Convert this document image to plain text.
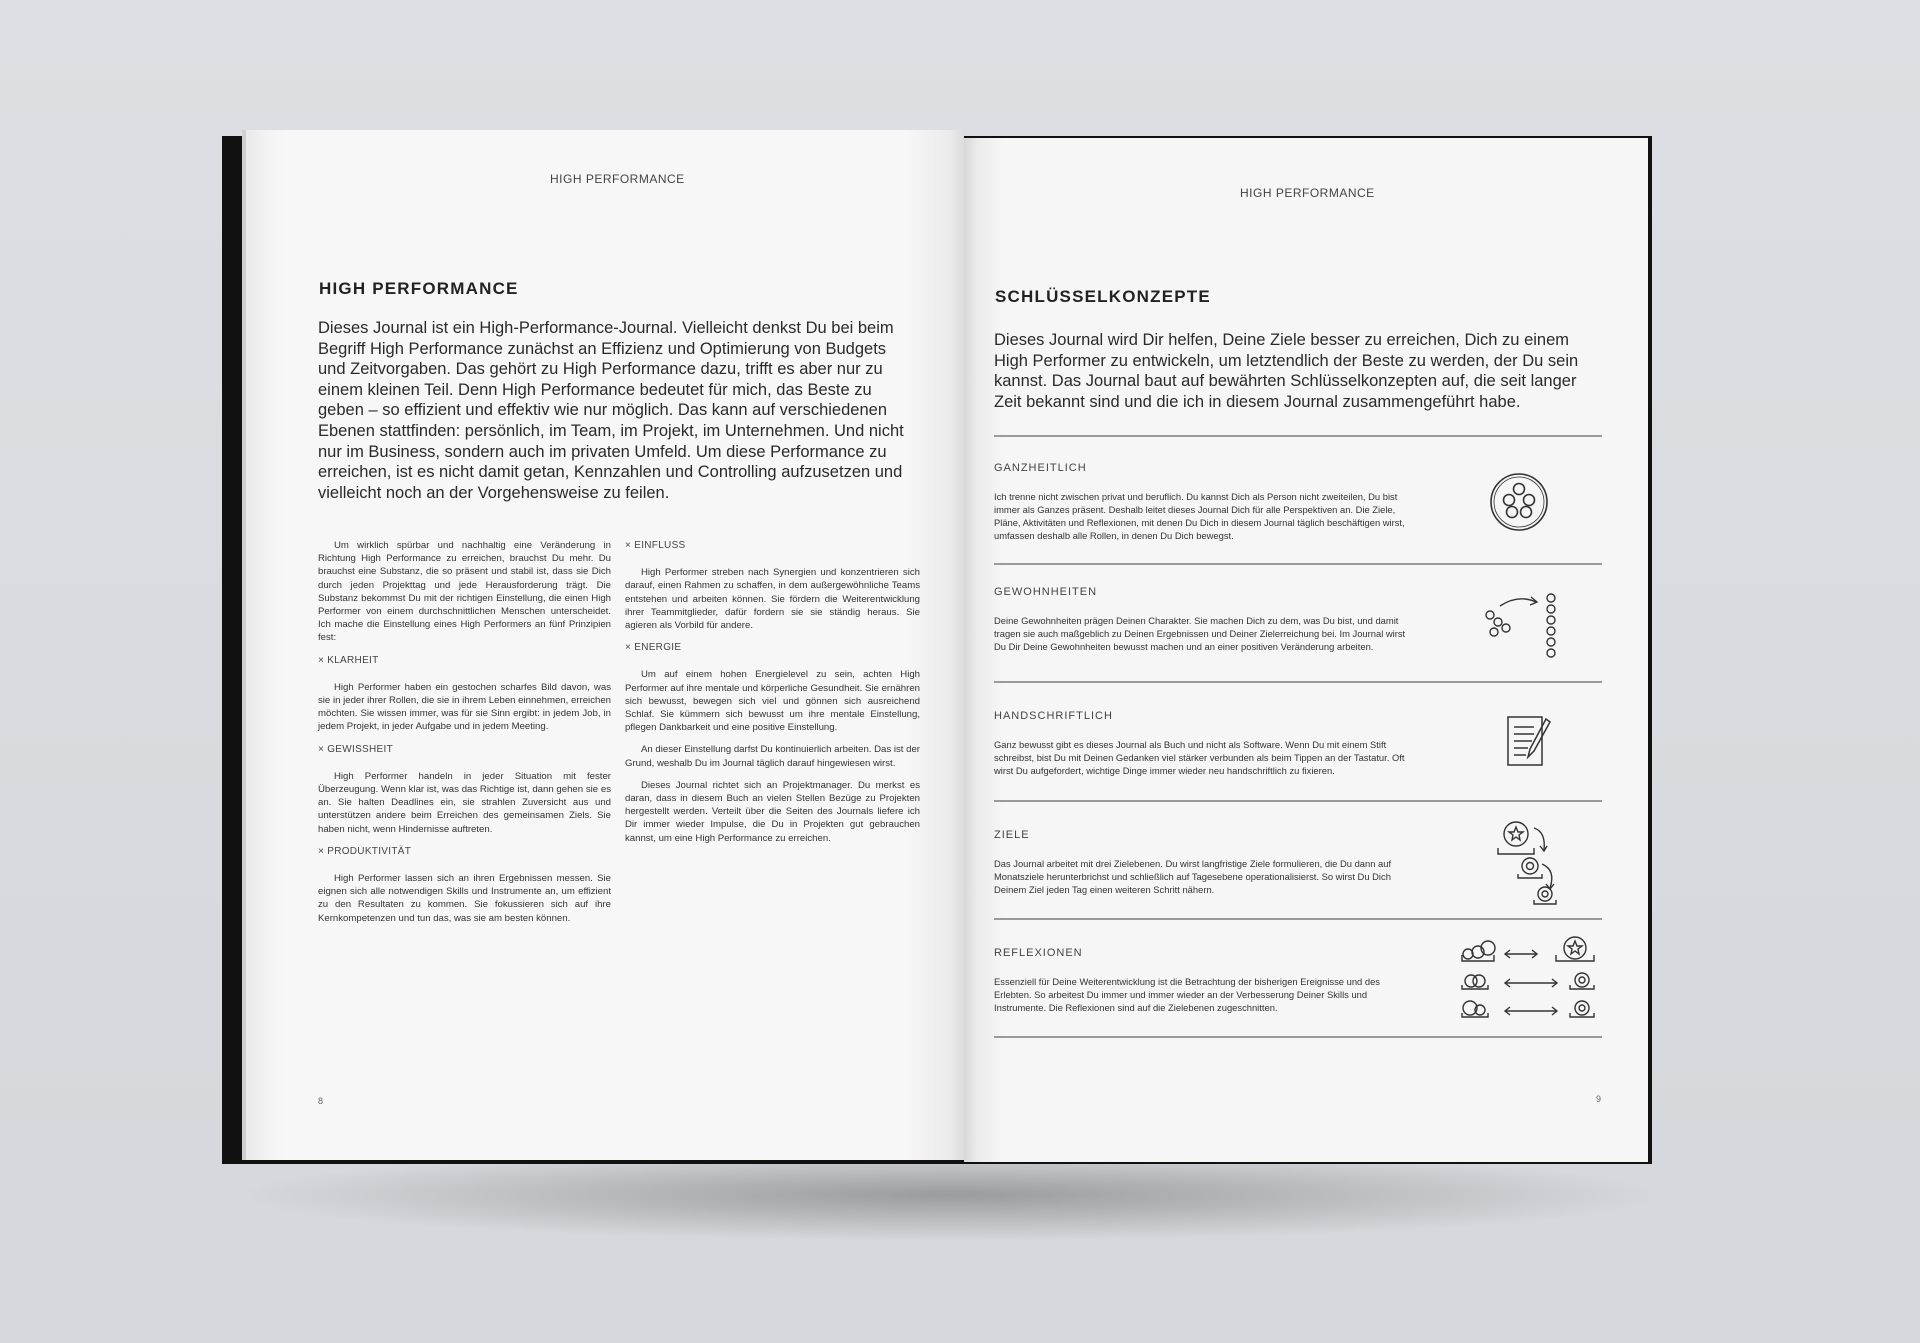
HIGH PERFORMANCE
HIGH PERFORMANCE

Dieses Journal ist ein High-Performance-Journal. Vielleicht denkst Du bei beim Begriff High Performance zunächst an Effizienz und Optimierung von Budgets und Zeitvorgaben. Das gehört zu High Performance dazu, trifft es aber nur zu einem kleinen Teil. Denn High Performance bedeutet für mich, das Beste zu geben – so effizient und effektiv wie nur möglich. Das kann auf verschiedenen Ebenen stattfinden: persönlich, im Team, im Projekt, im Unternehmen. Und nicht nur im Business, sondern auch im privaten Umfeld. Um diese Performance zu erreichen, ist es nicht damit getan, Kennzahlen und Controlling aufzusetzen und vielleicht noch an der Vorgehensweise zu feilen.

Um wirklich spürbar und nachhaltig eine Veränderung in Richtung High Performance zu erreichen, brauchst Du mehr. Du brauchst eine Substanz, die so präsent und stabil ist, dass sie Dich durch jeden Projekttag und jede Herausforderung trägt. Die Substanz bekommst Du mit der richtigen Einstellung, die einen High Performer von einem durchschnittlichen Menschen unterscheidet. Ich mache die Einstellung eines High Performers an fünf Prinzipien fest:

× KLARHEIT

High Performer haben ein gestochen scharfes Bild davon, was sie in jeder ihrer Rollen, die sie in ihrem Leben einnehmen, erreichen möchten. Sie wissen immer, was für sie Sinn ergibt: in jedem Job, in jedem Projekt, in jeder Aufgabe und in jedem Meeting.

× GEWISSHEIT

High Performer handeln in jeder Situation mit fester Überzeugung. Wenn klar ist, was das Richtige ist, dann gehen sie es an. Sie halten Deadlines ein, sie strahlen Zuversicht aus und unterstützen andere beim Erreichen des gemeinsamen Ziels. Sie haben nicht, wenn Hindernisse auftreten.

× PRODUKTIVITÄT

High Performer lassen sich an ihren Ergebnissen messen. Sie eignen sich alle notwendigen Skills und Instrumente an, um effizient zu den Resultaten zu kommen. Sie fokussieren sich auf ihre Kernkompetenzen und tun das, was sie am besten können.

× EINFLUSS

High Performer streben nach Synergien und konzentrieren sich darauf, einen Rahmen zu schaffen, in dem außergewöhnliche Teams entstehen und arbeiten können. Sie fördern die Weiterentwicklung ihrer Teammitglieder, dafür fordern sie sie ständig heraus. Sie agieren als Vorbild für andere.

× ENERGIE

Um auf einem hohen Energielevel zu sein, achten High Performer auf ihre mentale und körperliche Gesundheit. Sie ernähren sich bewusst, bewegen sich viel und gönnen sich ausreichend Schlaf. Sie kümmern sich bewusst um ihre mentale Einstellung, pflegen Dankbarkeit und eine positive Einstellung.

An dieser Einstellung darfst Du kontinuierlich arbeiten. Das ist der Grund, weshalb Du im Journal täglich darauf hingewiesen wirst.

Dieses Journal richtet sich an Projektmanager. Du merkst es daran, dass in diesem Buch an vielen Stellen Bezüge zu Projekten hergestellt werden. Verteilt über die Seiten des Journals liefere ich Dir immer wieder Impulse, die Du in Projekten gut gebrauchen kannst, um eine High Performance zu erreichen.

8
HIGH PERFORMANCE
SCHLÜSSELKONZEPTE

Dieses Journal wird Dir helfen, Deine Ziele besser zu erreichen, Dich zu einem High Performer zu entwickeln, um letztendlich der Beste zu werden, der Du sein kannst. Das Journal baut auf bewährten Schlüsselkonzepten auf, die seit langer Zeit bekannt sind und die ich in diesem Journal zusammengeführt habe.

GANZHEITLICH

Ich trenne nicht zwischen privat und beruflich. Du kannst Dich als Person nicht zweiteilen, Du bist immer als Ganzes präsent. Deshalb leitet dieses Journal Dich für alle Perspektiven an. Die Ziele, Pläne, Aktivitäten und Reflexionen, mit denen Du Dich in diesem Journal täglich beschäftigen wirst, umfassen deshalb alle Rollen, in denen Du Dich bewegst.

GEWOHNHEITEN

Deine Gewohnheiten prägen Deinen Charakter. Sie machen Dich zu dem, was Du bist, und damit tragen sie auch maßgeblich zu Deinen Ergebnissen und Deiner Zielerreichung bei. Im Journal wirst Du Dir Deine Gewohnheiten bewusst machen und an einer positiven Veränderung arbeiten.

HANDSCHRIFTLICH

Ganz bewusst gibt es dieses Journal als Buch und nicht als Software. Wenn Du mit einem Stift schreibst, bist Du mit Deinen Gedanken viel stärker verbunden als beim Tippen an der Tastatur. Oft wirst Du aufgefordert, wichtige Dinge immer wieder neu handschriftlich zu fixieren.

ZIELE

Das Journal arbeitet mit drei Zielebenen. Du wirst langfristige Ziele formulieren, die Du dann auf Monatsziele herunterbrichst und schließlich auf Tagesebene operationalisierst. So wirst Du Dich Deinem Ziel jeden Tag einen weiteren Schritt nähern.

REFLEXIONEN

Essenziell für Deine Weiterentwicklung ist die Betrachtung der bisherigen Ereignisse und des Erlebten. So arbeitest Du immer und immer wieder an der Verbesserung Deiner Skills und Instrumente. Die Reflexionen sind auf die Zielebenen zugeschnitten.

9
